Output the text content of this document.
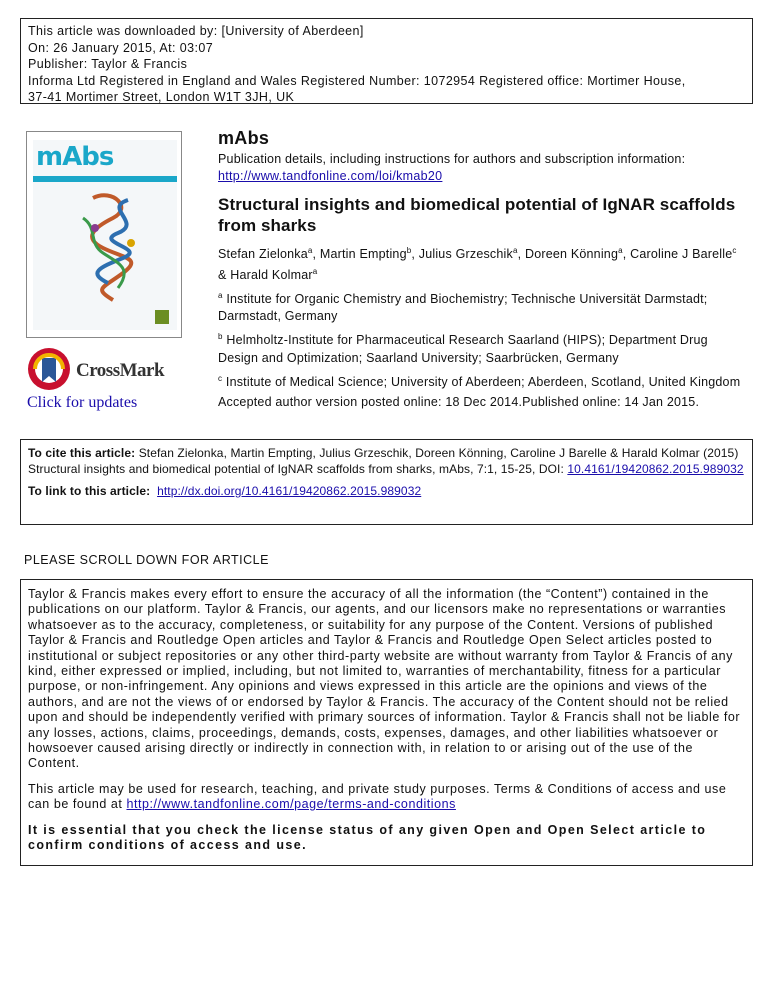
This article was downloaded by: [University of Aberdeen]
On: 26 January 2015, At: 03:07
Publisher: Taylor & Francis
Informa Ltd Registered in England and Wales Registered Number: 1072954 Registered office: Mortimer House,
37-41 Mortimer Street, London W1T 3JH, UK
mAbs
CrossMark
Click for updates
mAbs
Publication details, including instructions for authors and subscription information:
http://www.tandfonline.com/loi/kmab20
Structural insights and biomedical potential of IgNAR scaffolds from sharks
Stefan Zielonka$^a$, Martin Empting$^b$, Julius Grzeschik$^a$, Doreen Könning$^a$, Caroline J Barelle$^c$ & Harald Kolmar$^a$
$^a$ Institute for Organic Chemistry and Biochemistry; Technische Universität Darmstadt; Darmstadt, Germany
$^b$ Helmholtz-Institute for Pharmaceutical Research Saarland (HIPS); Department Drug Design and Optimization; Saarland University; Saarbrücken, Germany
$^c$ Institute of Medical Science; University of Aberdeen; Aberdeen, Scotland, United Kingdom
Accepted author version posted online: 18 Dec 2014.Published online: 14 Jan 2015.
To cite this article: Stefan Zielonka, Martin Empting, Julius Grzeschik, Doreen Könning, Caroline J Barelle & Harald Kolmar (2015) Structural insights and biomedical potential of IgNAR scaffolds from sharks, mAbs, 7:1, 15-25, DOI: 10.4161/19420862.2015.989032
To link to this article: http://dx.doi.org/10.4161/19420862.2015.989032
PLEASE SCROLL DOWN FOR ARTICLE

Taylor & Francis makes every effort to ensure the accuracy of all the information (the “Content”) contained in the publications on our platform. Taylor & Francis, our agents, and our licensors make no representations or warranties whatsoever as to the accuracy, completeness, or suitability for any purpose of the Content. Versions of published Taylor & Francis and Routledge Open articles and Taylor & Francis and Routledge Open Select articles posted to institutional or subject repositories or any other third-party website are without warranty from Taylor & Francis of any kind, either expressed or implied, including, but not limited to, warranties of merchantability, fitness for a particular purpose, or non-infringement. Any opinions and views expressed in this article are the opinions and views of the authors, and are not the views of or endorsed by Taylor & Francis. The accuracy of the Content should not be relied upon and should be independently verified with primary sources of information. Taylor & Francis shall not be liable for any losses, actions, claims, proceedings, demands, costs, expenses, damages, and other liabilities whatsoever or howsoever caused arising directly or indirectly in connection with, in relation to or arising out of the use of the Content.

This article may be used for research, teaching, and private study purposes. Terms & Conditions of access and use can be found at http://www.tandfonline.com/page/terms-and-conditions

It is essential that you check the license status of any given Open and Open Select article to confirm conditions of access and use.
